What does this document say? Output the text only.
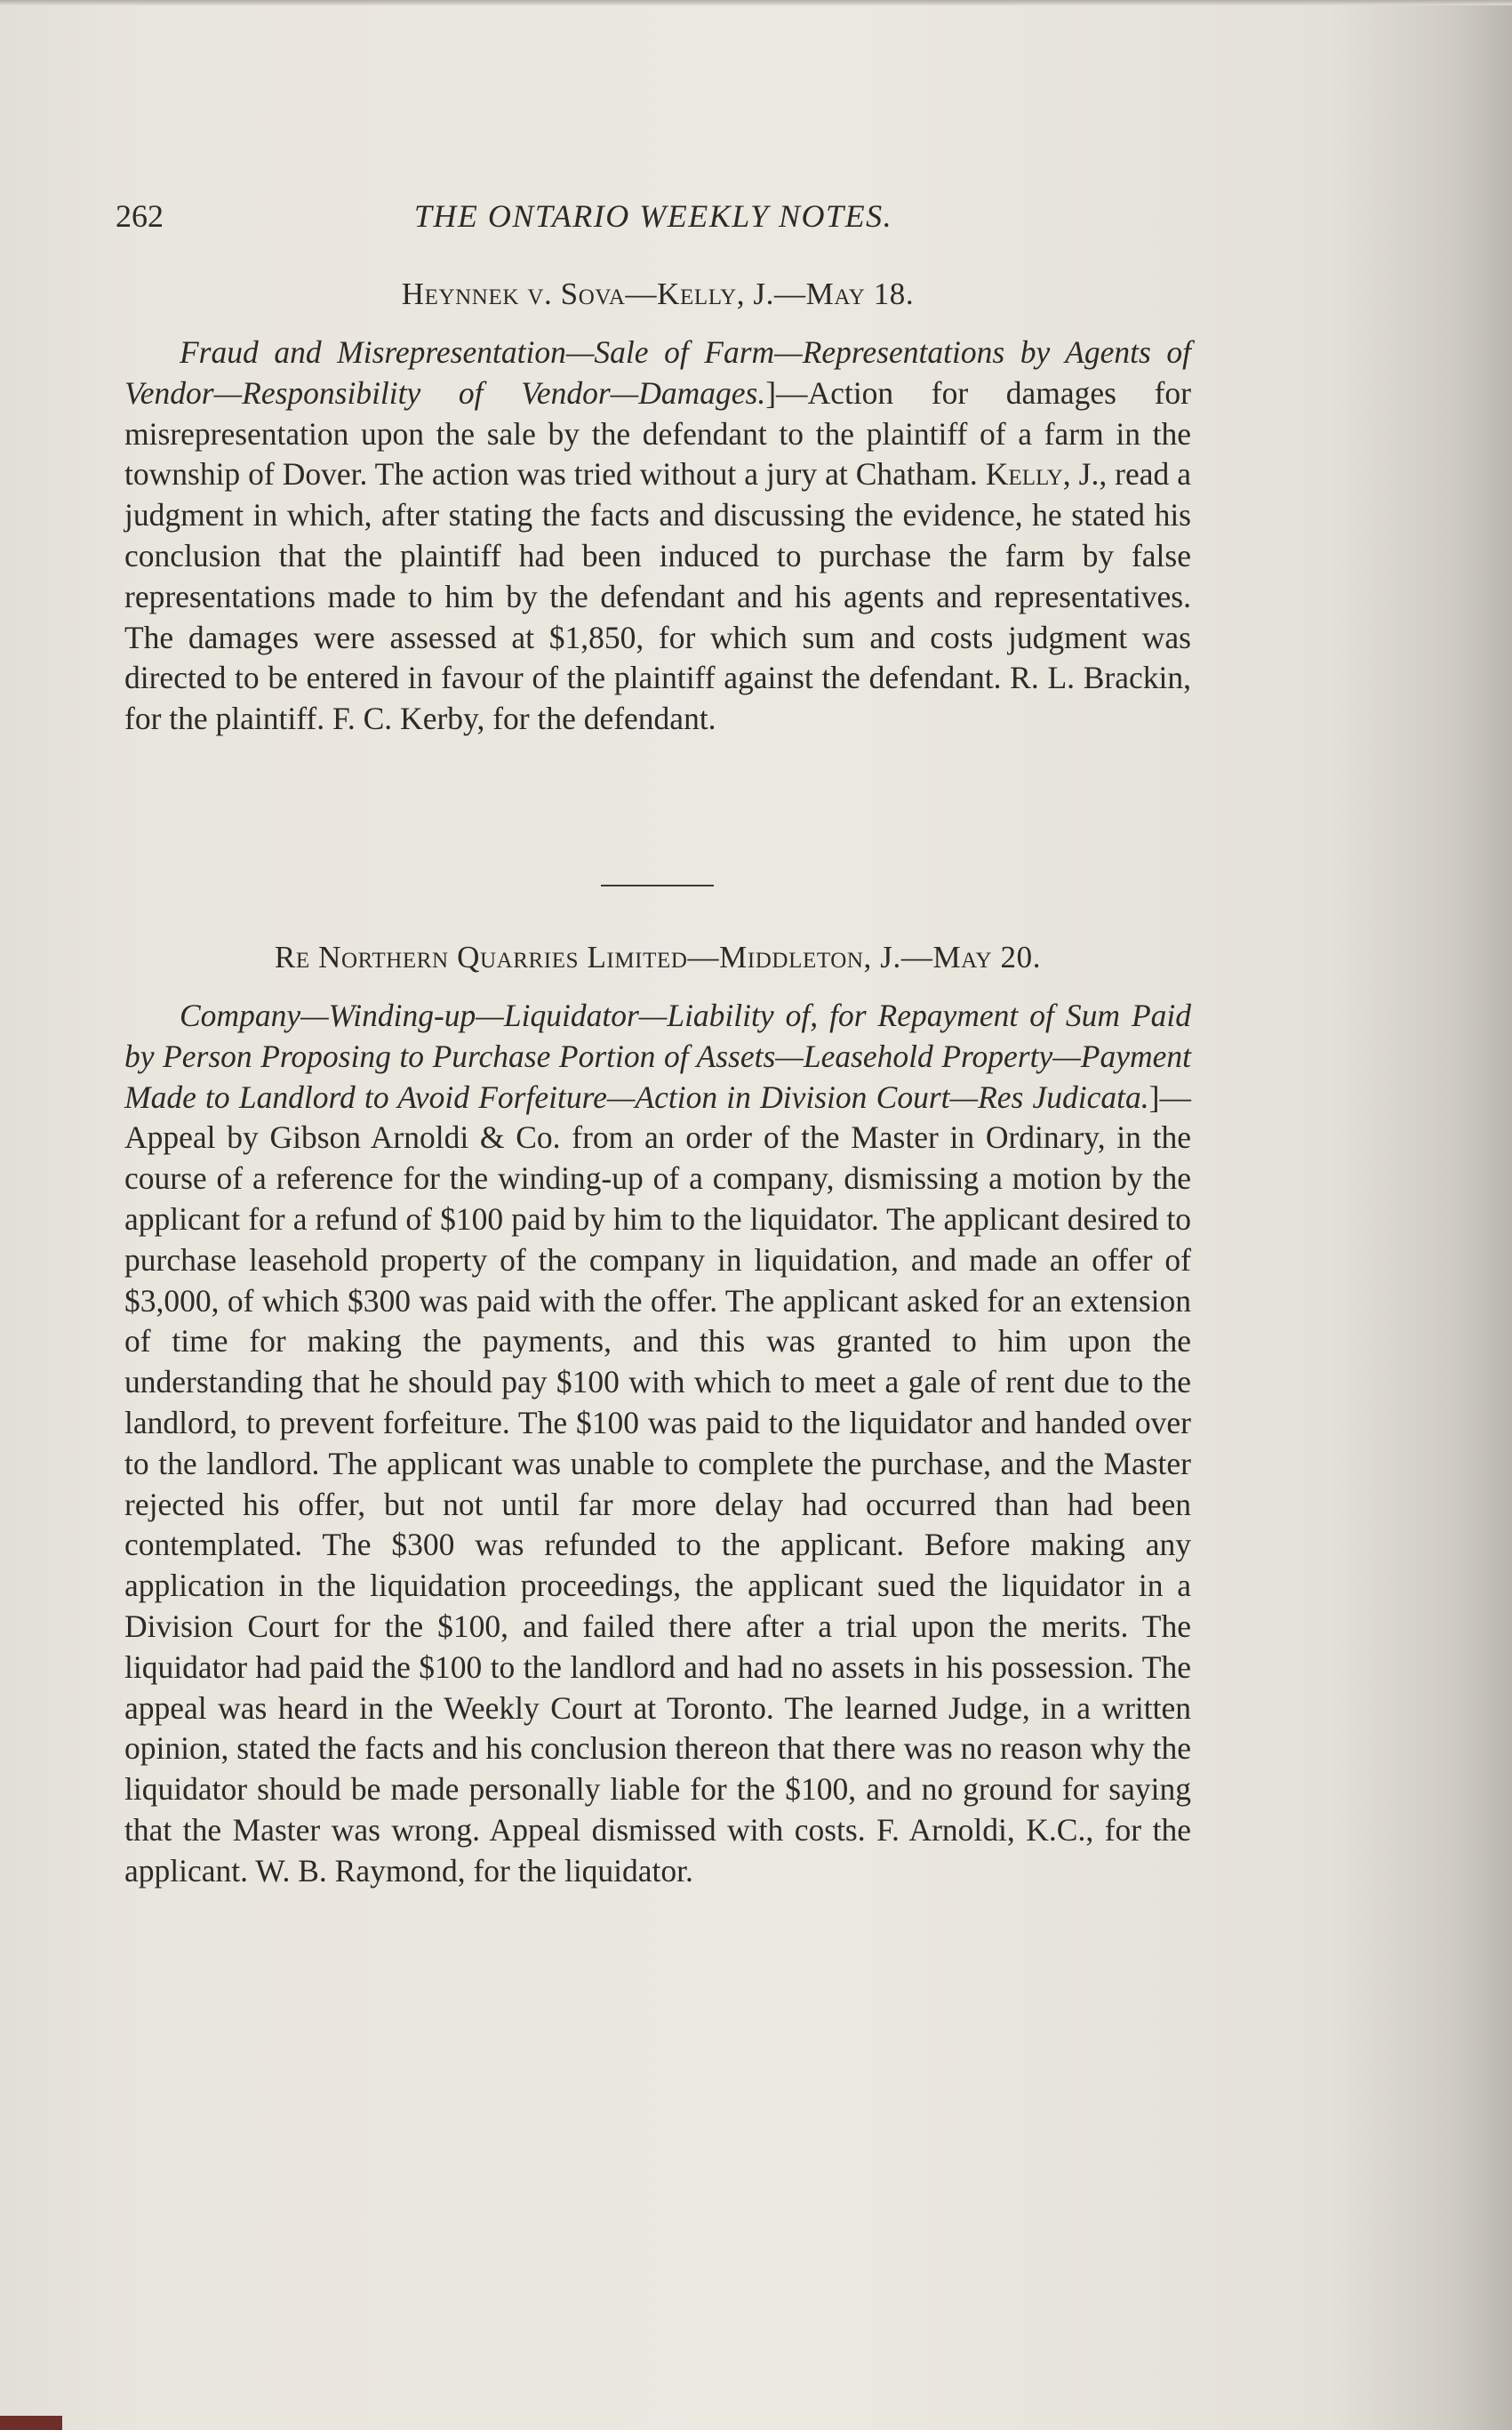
262	THE ONTARIO WEEKLY NOTES.
Heynnek v. Sova—Kelly, J.—May 18.

Fraud and Misrepresentation—Sale of Farm—Representations by Agents of Vendor—Responsibility of Vendor—Damages.]—Action for damages for misrepresentation upon the sale by the defendant to the plaintiff of a farm in the township of Dover. The action was tried without a jury at Chatham. Kelly, J., read a judgment in which, after stating the facts and discussing the evidence, he stated his conclusion that the plaintiff had been induced to purchase the farm by false representations made to him by the defendant and his agents and representatives. The damages were assessed at $1,850, for which sum and costs judgment was directed to be entered in favour of the plaintiff against the defendant. R. L. Brackin, for the plaintiff. F. C. Kerby, for the defendant.

Re Northern Quarries Limited—Middleton, J.—May 20.

Company—Winding-up—Liquidator—Liability of, for Repayment of Sum Paid by Person Proposing to Purchase Portion of Assets—Leasehold Property—Payment Made to Landlord to Avoid Forfeiture—Action in Division Court—Res Judicata.]—Appeal by Gibson Arnoldi & Co. from an order of the Master in Ordinary, in the course of a reference for the winding-up of a company, dismissing a motion by the applicant for a refund of $100 paid by him to the liquidator. The applicant desired to purchase leasehold property of the company in liquidation, and made an offer of $3,000, of which $300 was paid with the offer. The applicant asked for an extension of time for making the payments, and this was granted to him upon the understanding that he should pay $100 with which to meet a gale of rent due to the landlord, to prevent forfeiture. The $100 was paid to the liquidator and handed over to the landlord. The applicant was unable to complete the purchase, and the Master rejected his offer, but not until far more delay had occurred than had been contemplated. The $300 was refunded to the applicant. Before making any application in the liquidation proceedings, the applicant sued the liquidator in a Division Court for the $100, and failed there after a trial upon the merits. The liquidator had paid the $100 to the landlord and had no assets in his possession. The appeal was heard in the Weekly Court at Toronto. The learned Judge, in a written opinion, stated the facts and his conclusion thereon that there was no reason why the liquidator should be made personally liable for the $100, and no ground for saying that the Master was wrong. Appeal dismissed with costs. F. Arnoldi, K.C., for the applicant. W. B. Raymond, for the liquidator.
